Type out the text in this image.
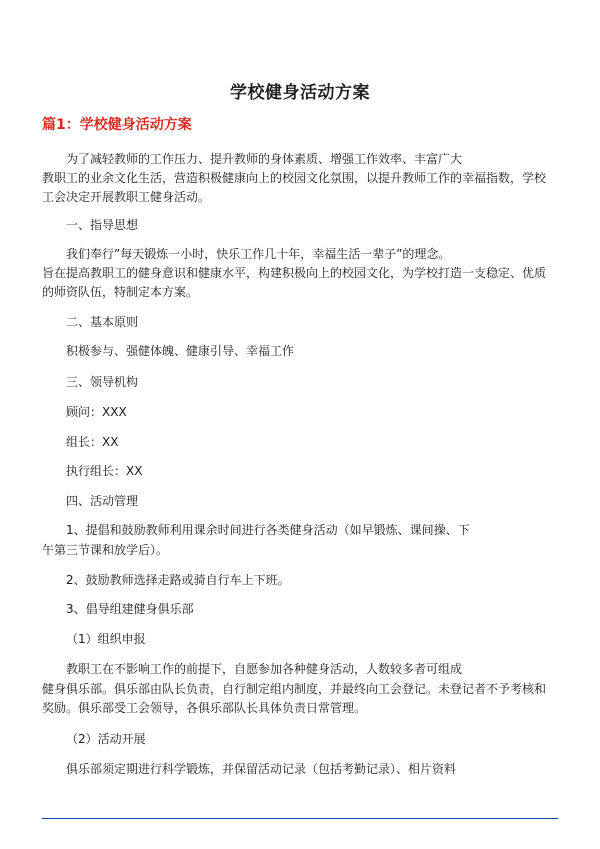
学校健身活动方案
篇1：学校健身活动方案
为了减轻教师的工作压力、提升教师的身体素质、增强工作效率、丰富广大
教职工的业余文化生活，营造积极健康向上的校园文化氛围，以提升教师工作的幸福指数，学校
工会决定开展教职工健身活动。
一、指导思想
我们奉行”每天锻炼一小时，快乐工作几十年，幸福生活一辈子”的理念。
旨在提高教职工的健身意识和健康水平，构建积极向上的校园文化，为学校打造一支稳定、优质
的师资队伍，特制定本方案。
二、基本原则
积极参与、强健体魄、健康引导、幸福工作
三、领导机构
顾问：XXX
组长：XX
执行组长：XX
四、活动管理
1、提倡和鼓励教师利用课余时间进行各类健身活动（如早锻炼、课间操、下
午第三节课和放学后）。
2、鼓励教师选择走路或骑自行车上下班。
3、倡导组建健身俱乐部
（1）组织申报
教职工在不影响工作的前提下，自愿参加各种健身活动，人数较多者可组成
健身俱乐部。俱乐部由队长负责，自行制定组内制度，并最终向工会登记。未登记者不予考核和
奖励。俱乐部受工会领导，各俱乐部队长具体负责日常管理。
（2）活动开展
俱乐部须定期进行科学锻炼，并保留活动记录（包括考勤记录）、相片资料
